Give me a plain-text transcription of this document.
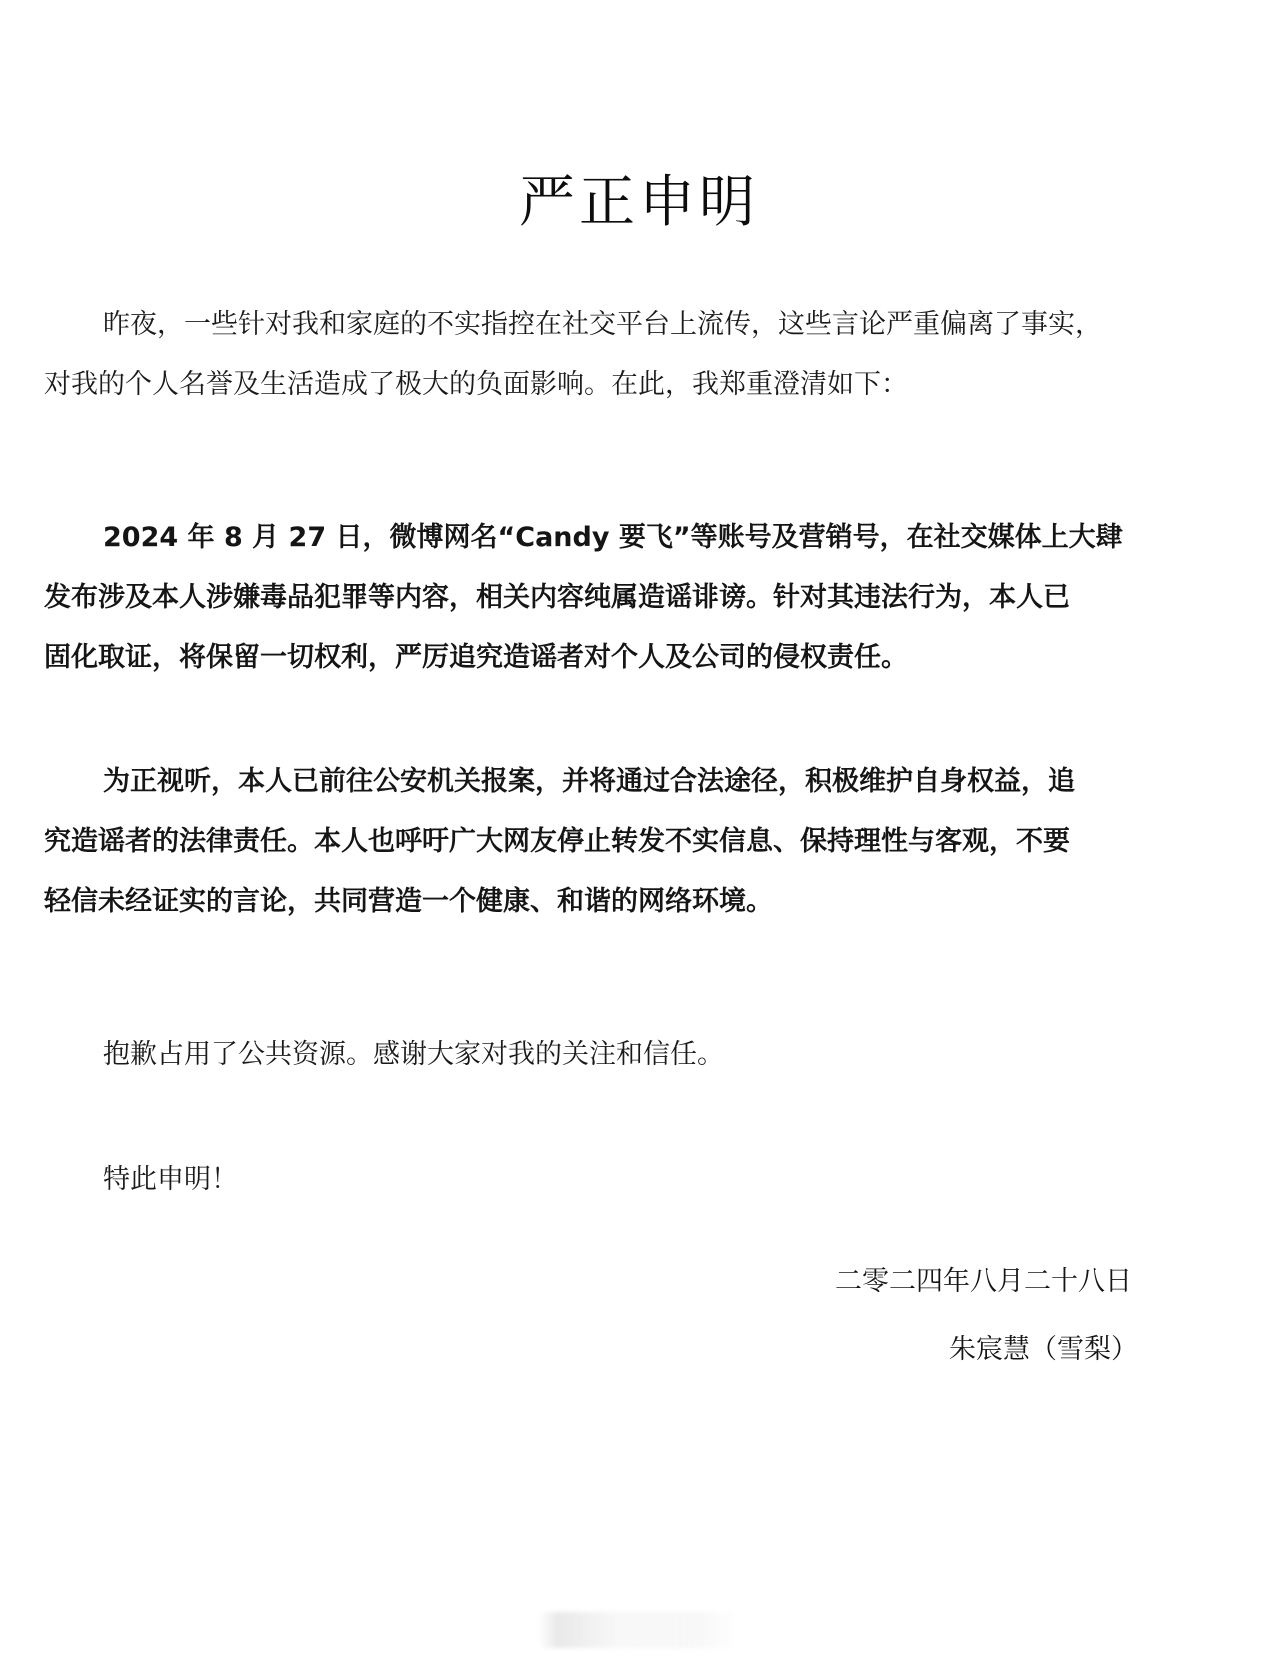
严正申明
昨夜，一些针对我和家庭的不实指控在社交平台上流传，这些言论严重偏离了事实，
对我的个人名誉及生活造成了极大的负面影响。在此，我郑重澄清如下：
2024 年 8 月 27 日，微博网名“Candy 要飞”等账号及营销号，在社交媒体上大肆
发布涉及本人涉嫌毒品犯罪等内容，相关内容纯属造谣诽谤。针对其违法行为，本人已
固化取证，将保留一切权利，严厉追究造谣者对个人及公司的侵权责任。
为正视听，本人已前往公安机关报案，并将通过合法途径，积极维护自身权益，追
究造谣者的法律责任。本人也呼吁广大网友停止转发不实信息、保持理性与客观，不要
轻信未经证实的言论，共同营造一个健康、和谐的网络环境。
抱歉占用了公共资源。感谢大家对我的关注和信任。
特此申明！
二零二四年八月二十八日
朱宸慧（雪梨）
